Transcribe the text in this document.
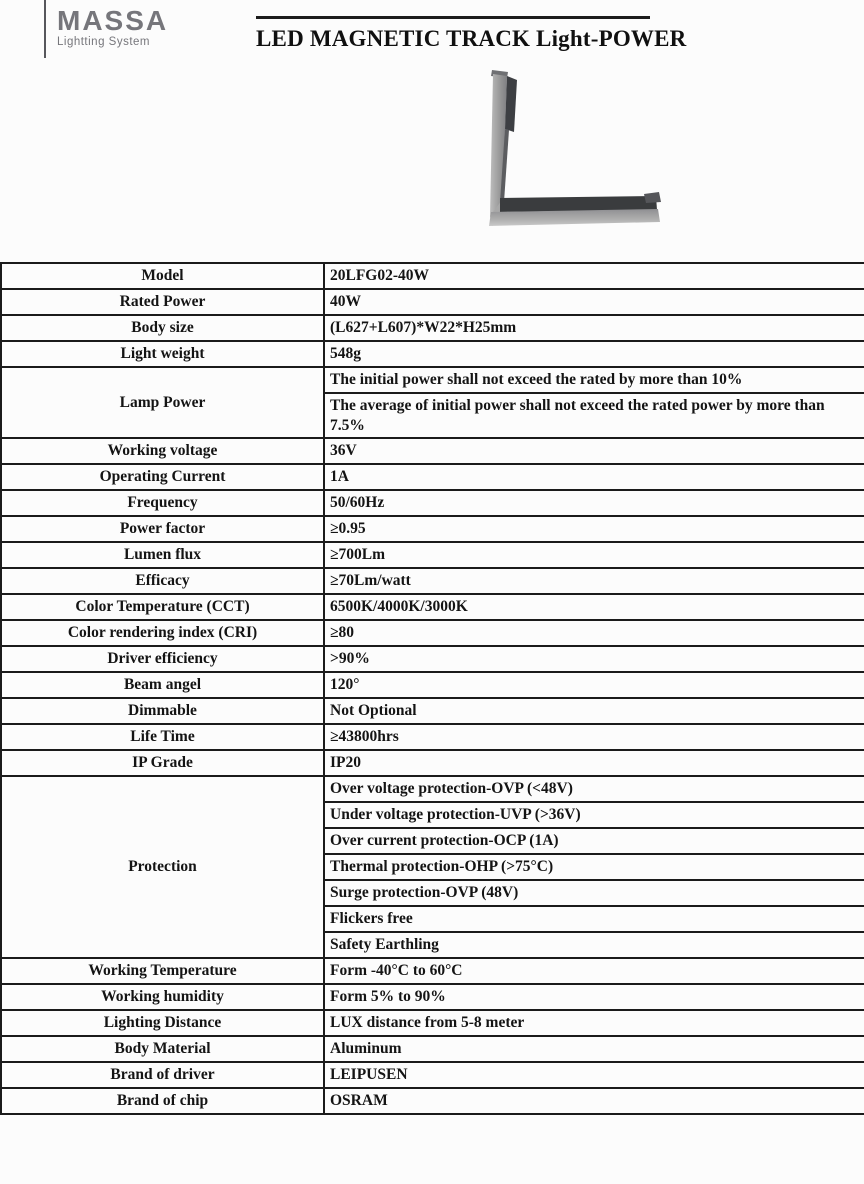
MASSA
Lightting System	LED MAGNETIC TRACK Light-POWER
Model	20LFG02-40W
Rated Power	40W
Body size	(L627+L607)*W22*H25mm
Light weight	548g
Lamp Power	The initial power shall not exceed the rated by more than 10%
	The average of initial power shall not exceed the rated power by more than 7.5%
Working voltage	36V
Operating Current	1A
Frequency	50/60Hz
Power factor	≥0.95
Lumen flux	≥700Lm
Efficacy	≥70Lm/watt
Color Temperature (CCT)	6500K/4000K/3000K
Color rendering index (CRI)	≥80
Driver efficiency	>90%
Beam angel	120°
Dimmable	Not Optional
Life Time	≥43800hrs
IP Grade	IP20
Protection	Over voltage protection-OVP (<48V)
	Under voltage protection-UVP (>36V)
	Over current protection-OCP (1A)
	Thermal protection-OHP (>75°C)
	Surge protection-OVP (48V)
	Flickers free
	Safety Earthling
Working Temperature	Form -40°C to 60°C
Working humidity	Form 5% to 90%
Lighting Distance	LUX distance from 5-8 meter
Body Material	Aluminum
Brand of driver	LEIPUSEN
Brand of chip	OSRAM
